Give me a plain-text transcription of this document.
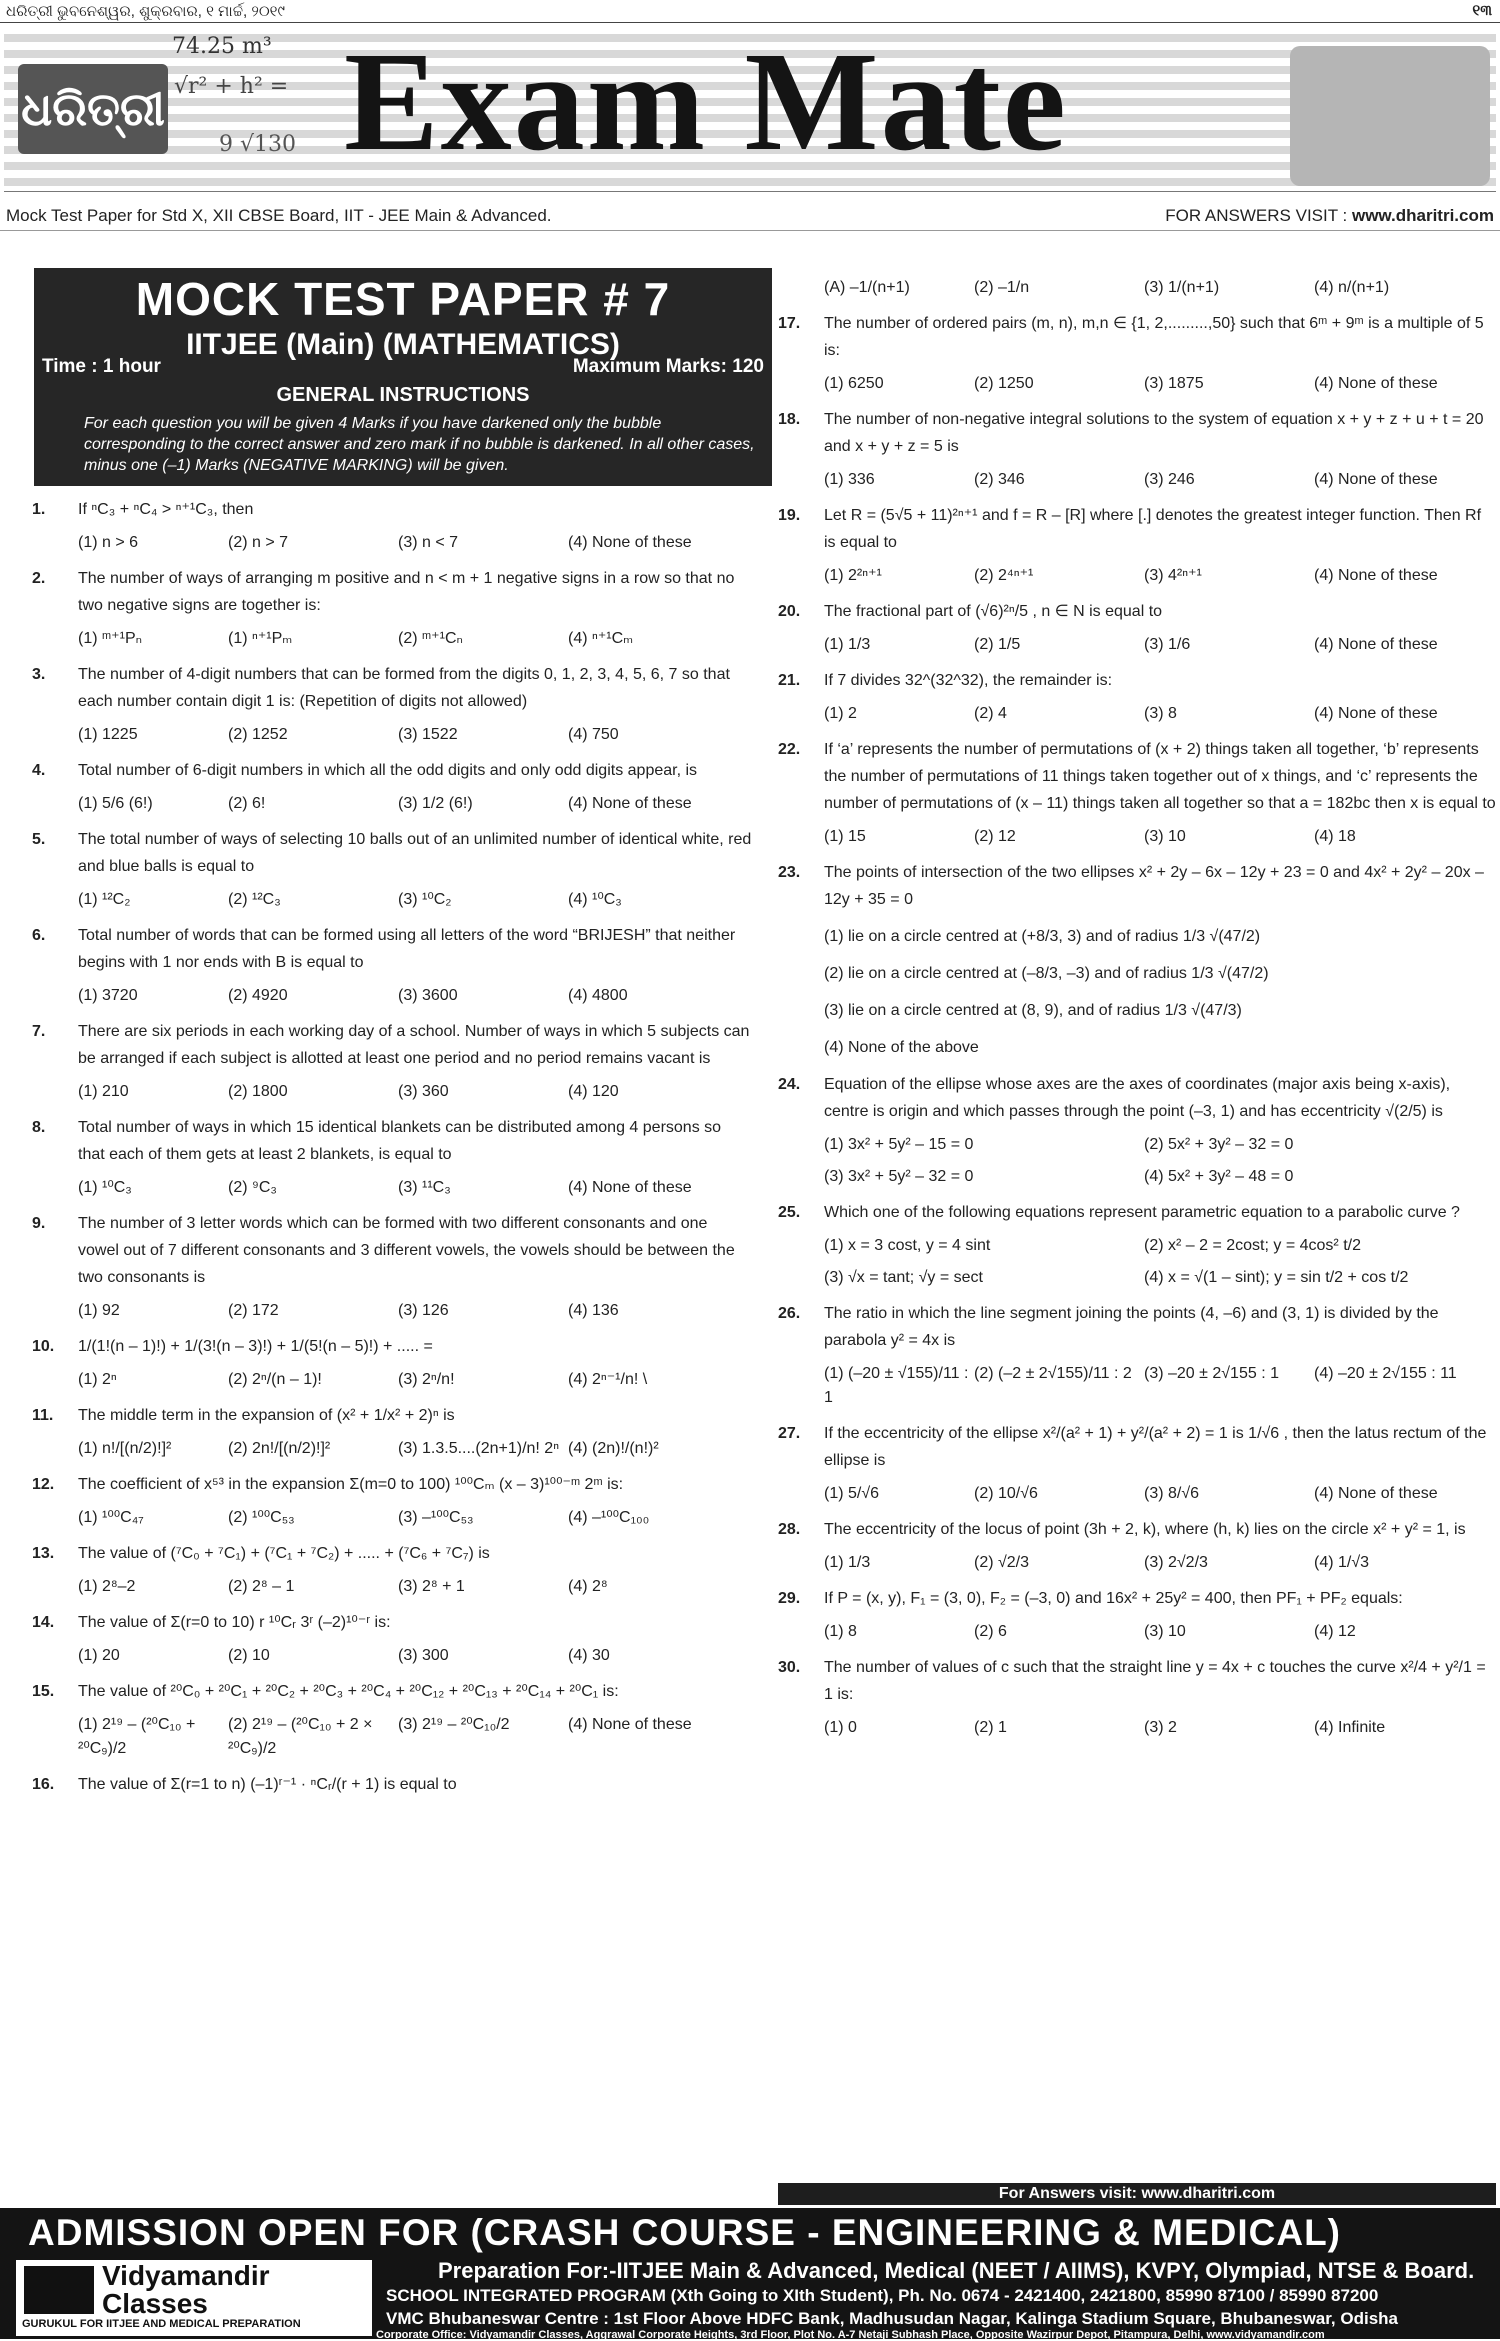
ଧରିତ୍ରୀ ଭୁବନେଶ୍ୱର, ଶୁକ୍ରବାର, ୧ ମାର୍ଚ୍ଚ, ୨୦୧୯	୧୩
ଧରିତ୍ରୀ
74.25 m³
√r² + h² =
9 √130 Exam Mate
Mock Test Paper for Std X, XII CBSE Board, IIT - JEE Main & Advanced.	FOR ANSWERS VISIT : www.dharitri.com
MOCK TEST PAPER # 7
IITJEE (Main) (MATHEMATICS)
Time : 1 hour	Maximum Marks: 120
GENERAL INSTRUCTIONS
For each question you will be given 4 Marks if you have darkened only the bubble corresponding to the correct answer and zero mark if no bubble is darkened. In all other cases, minus one (–1) Marks (NEGATIVE MARKING) will be given.
1.	If ⁿC₃ + ⁿC₄ > ⁿ⁺¹C₃, then
(1) n > 6	(2) n > 7	(3) n < 7	(4) None of these
2.	The number of ways of arranging m positive and n < m + 1 negative signs in a row so that no two negative signs are together is:
(1) ᵐ⁺¹Pₙ	(1) ⁿ⁺¹Pₘ	(2) ᵐ⁺¹Cₙ	(4) ⁿ⁺¹Cₘ
3.	The number of 4-digit numbers that can be formed from the digits 0, 1, 2, 3, 4, 5, 6, 7 so that each number contain digit 1 is: (Repetition of digits not allowed)
(1) 1225	(2) 1252	(3) 1522	(4) 750
4.	Total number of 6-digit numbers in which all the odd digits and only odd digits appear, is
(1) 5/6 (6!)	(2) 6!	(3) 1/2 (6!)	(4) None of these
5.	The total number of ways of selecting 10 balls out of an unlimited number of identical white, red and blue balls is equal to
(1) ¹²C₂	(2) ¹²C₃	(3) ¹⁰C₂	(4) ¹⁰C₃
6.	Total number of words that can be formed using all letters of the word “BRIJESH” that neither begins with 1 nor ends with B is equal to
(1) 3720	(2) 4920	(3) 3600	(4) 4800
7.	There are six periods in each working day of a school. Number of ways in which 5 subjects can be arranged if each subject is allotted at least one period and no period remains vacant is
(1) 210	(2) 1800	(3) 360	(4) 120
8.	Total number of ways in which 15 identical blankets can be distributed among 4 persons so that each of them gets at least 2 blankets, is equal to
(1) ¹⁰C₃	(2) ⁹C₃	(3) ¹¹C₃	(4) None of these
9.	The number of 3 letter words which can be formed with two different consonants and one vowel out of 7 different consonants and 3 different vowels, the vowels should be between the two consonants is
(1) 92	(2) 172	(3) 126	(4) 136
10.	1/(1!(n – 1)!) + 1/(3!(n – 3)!) + 1/(5!(n – 5)!) + ..... =
(1) 2ⁿ	(2) 2ⁿ/(n – 1)!	(3) 2ⁿ/n!	(4) 2ⁿ⁻¹/n! \
11.	The middle term in the expansion of (x² + 1/x² + 2)ⁿ is
(1) n!/[(n/2)!]²	(2) 2n!/[(n/2)!]²	(3) 1.3.5....(2n+1)/n! 2ⁿ (4) (2n)!/(n!)²
12.	The coefficient of x⁵³ in the expansion Σ(m=0 to 100) ¹⁰⁰Cₘ (x – 3)¹⁰⁰⁻ᵐ 2ᵐ is:
(1) ¹⁰⁰C₄₇	(2) ¹⁰⁰C₅₃	(3) –¹⁰⁰C₅₃	(4) –¹⁰⁰C₁₀₀
13.	The value of (⁷C₀ + ⁷C₁) + (⁷C₁ + ⁷C₂) + ..... + (⁷C₆ + ⁷C₇) is
(1) 2⁸–2	(2) 2⁸ – 1	(3) 2⁸ + 1	(4) 2⁸
14.	The value of Σ(r=0 to 10) r ¹⁰Cᵣ 3ʳ (–2)¹⁰⁻ʳ is:
(1) 20	(2) 10	(3) 300	(4) 30
15.	The value of ²⁰C₀ + ²⁰C₁ + ²⁰C₂ + ²⁰C₃ + ²⁰C₄ + ²⁰C₁₂ + ²⁰C₁₃ + ²⁰C₁₄ + ²⁰C₁ is:
(1) 2¹⁹ – (²⁰C₁₀ + ²⁰C₉)/2
(2) 2¹⁹ – (²⁰C₁₀ + 2 × ²⁰C₉)/2
(3) 2¹⁹ – ²⁰C₁₀/2	(4) None of these
16.	The value of Σ(r=1 to n) (–1)ʳ⁻¹ · ⁿCᵣ/(r + 1) is equal to
(A) –1/(n+1)	(2) –1/n	(3) 1/(n+1)	(4) n/(n+1)
17.	The number of ordered pairs (m, n), m,n ∈ {1, 2,.........,50} such that 6ᵐ + 9ᵐ is a multiple of 5 is:
(1) 6250	(2) 1250	(3) 1875	(4) None of these
18.	The number of non-negative integral solutions to the system of equation x + y + z + u + t = 20 and x + y + z = 5 is
(1) 336	(2) 346	(3) 246	(4) None of these
19.	Let R = (5√5 + 11)²ⁿ⁺¹ and f = R – [R] where [.] denotes the greatest integer function. Then Rf is equal to
(1) 2²ⁿ⁺¹	(2) 2⁴ⁿ⁺¹	(3) 4²ⁿ⁺¹	(4) None of these
20.	The fractional part of (√6)²ⁿ/5 , n ∈ N is equal to
(1) 1/3	(2) 1/5	(3) 1/6	(4) None of these
21.	If 7 divides 32^(32^32), the remainder is:
(1) 2	(2) 4	(3) 8	(4) None of these
22.	If ‘a’ represents the number of permutations of (x + 2) things taken all together, ‘b’ represents the number of permutations of 11 things taken together out of x things, and ‘c’ represents the number of permutations of (x – 11) things taken all together so that a = 182bc then x is equal to
(1) 15	(2) 12	(3) 10	(4) 18
23.	The points of intersection of the two ellipses x² + 2y – 6x – 12y + 23 = 0 and 4x² + 2y² – 20x – 12y + 35 = 0
(1) lie on a circle centred at (+8/3, 3) and of radius 1/3 √(47/2)
(2) lie on a circle centred at (–8/3, –3) and of radius 1/3 √(47/2)
(3) lie on a circle centred at (8, 9), and of radius 1/3 √(47/3)
(4) None of the above
24.	Equation of the ellipse whose axes are the axes of coordinates (major axis being x-axis), centre is origin and which passes through the point (–3, 1) and has eccentricity √(2/5) is
(1) 3x² + 5y² – 15 = 0	(2) 5x² + 3y² – 32 = 0
(3) 3x² + 5y² – 32 = 0	(4) 5x² + 3y² – 48 = 0
25.	Which one of the following equations represent parametric equation to a parabolic curve ?
(1) x = 3 cost, y = 4 sint	(2) x² – 2 = 2cost; y = 4cos² t/2
(3) √x = tant; √y = sect	(4) x = √(1 – sint); y = sin t/2 + cos t/2
26.	The ratio in which the line segment joining the points (4, –6) and (3, 1) is divided by the parabola y² = 4x is
(1) (–20 ± √155)/11 : 1
(2) (–2 ± 2√155)/11 : 2 (3) –20 ± 2√155 : 1	(4) –20 ± 2√155 : 11
27.	If the eccentricity of the ellipse x²/(a² + 1) + y²/(a² + 2) = 1 is 1/√6 , then the latus rectum of the ellipse is
(1) 5/√6	(2) 10/√6	(3) 8/√6	(4) None of these
28.	The eccentricity of the locus of point (3h + 2, k), where (h, k) lies on the circle x² + y² = 1, is
(1) 1/3	(2) √2/3	(3) 2√2/3	(4) 1/√3
29.	If P = (x, y), F₁ = (3, 0), F₂ = (–3, 0) and 16x² + 25y² = 400, then PF₁ + PF₂ equals:
(1) 8	(2) 6	(3) 10	(4) 12
30.	The number of values of c such that the straight line y = 4x + c touches the curve x²/4 + y²/1 = 1 is:
(1) 0	(2) 1	(3) 2	(4) Infinite
For Answers visit: www.dharitri.com
ADMISSION OPEN FOR (CRASH COURSE - ENGINEERING & MEDICAL)
Vidyamandir Classes
GURUKUL FOR IITJEE AND MEDICAL PREPARATION
Preparation For:-IITJEE Main & Advanced, Medical (NEET / AIIMS), KVPY, Olympiad, NTSE & Board.
SCHOOL INTEGRATED PROGRAM (Xth Going to XIth Student), Ph. No. 0674 - 2421400, 2421800, 85990 87100 / 85990 87200
VMC Bhubaneswar Centre : 1st Floor Above HDFC Bank, Madhusudan Nagar, Kalinga Stadium Square, Bhubaneswar, Odisha
Corporate Office: Vidyamandir Classes, Aggrawal Corporate Heights, 3rd Floor, Plot No. A-7 Netaji Subhash Place, Opposite Wazirpur Depot, Pitampura, Delhi, www.vidyamandir.com
